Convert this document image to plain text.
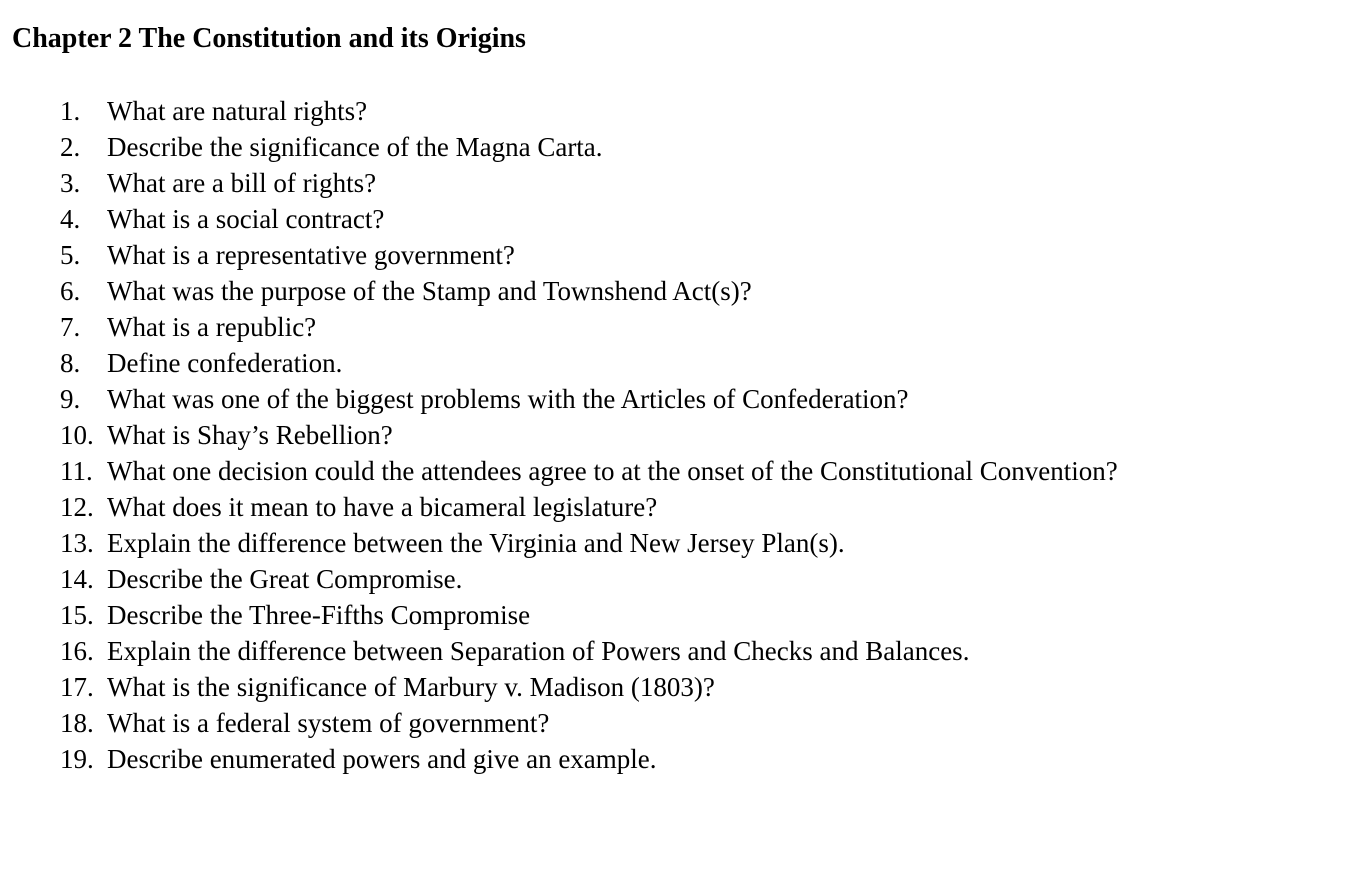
Chapter 2 The Constitution and its Origins
1. What are natural rights?
2. Describe the significance of the Magna Carta.
3. What are a bill of rights?
4. What is a social contract?
5. What is a representative government?
6. What was the purpose of the Stamp and Townshend Act(s)?
7. What is a republic?
8. Define confederation.
9. What was one of the biggest problems with the Articles of Confederation?
10. What is Shay’s Rebellion?
11. What one decision could the attendees agree to at the onset of the Constitutional Convention?
12. What does it mean to have a bicameral legislature?
13. Explain the difference between the Virginia and New Jersey Plan(s).
14. Describe the Great Compromise.
15. Describe the Three-Fifths Compromise
16. Explain the difference between Separation of Powers and Checks and Balances.
17. What is the significance of Marbury v. Madison (1803)?
18. What is a federal system of government?
19. Describe enumerated powers and give an example.
